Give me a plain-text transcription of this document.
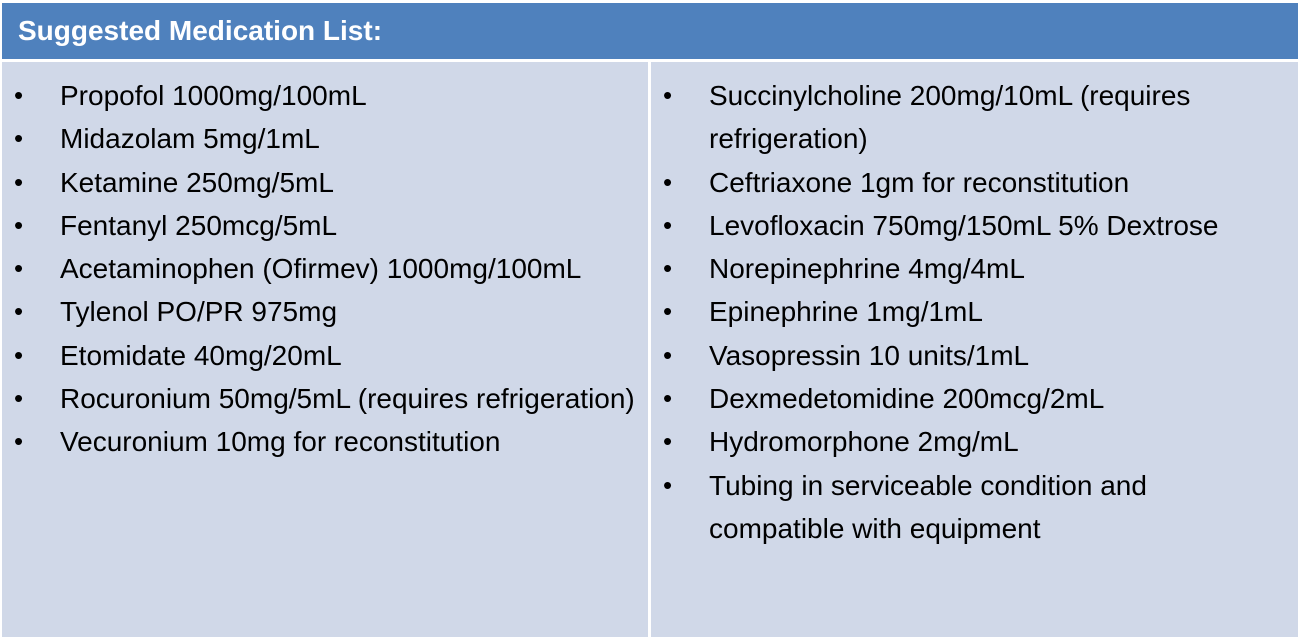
Suggested Medication List:
• Propofol 1000mg/100mL
• Midazolam 5mg/1mL
• Ketamine 250mg/5mL
• Fentanyl 250mcg/5mL
• Acetaminophen (Ofirmev) 1000mg/100mL
• Tylenol PO/PR 975mg
• Etomidate 40mg/20mL
• Rocuronium 50mg/5mL (requires refrigeration)
• Vecuronium 10mg for reconstitution
• Succinylcholine 200mg/10mL (requires refrigeration)
• Ceftriaxone 1gm for reconstitution
• Levofloxacin 750mg/150mL 5% Dextrose
• Norepinephrine 4mg/4mL
• Epinephrine 1mg/1mL
• Vasopressin 10 units/1mL
• Dexmedetomidine 200mcg/2mL
• Hydromorphone 2mg/mL
• Tubing in serviceable condition and compatible with equipment
